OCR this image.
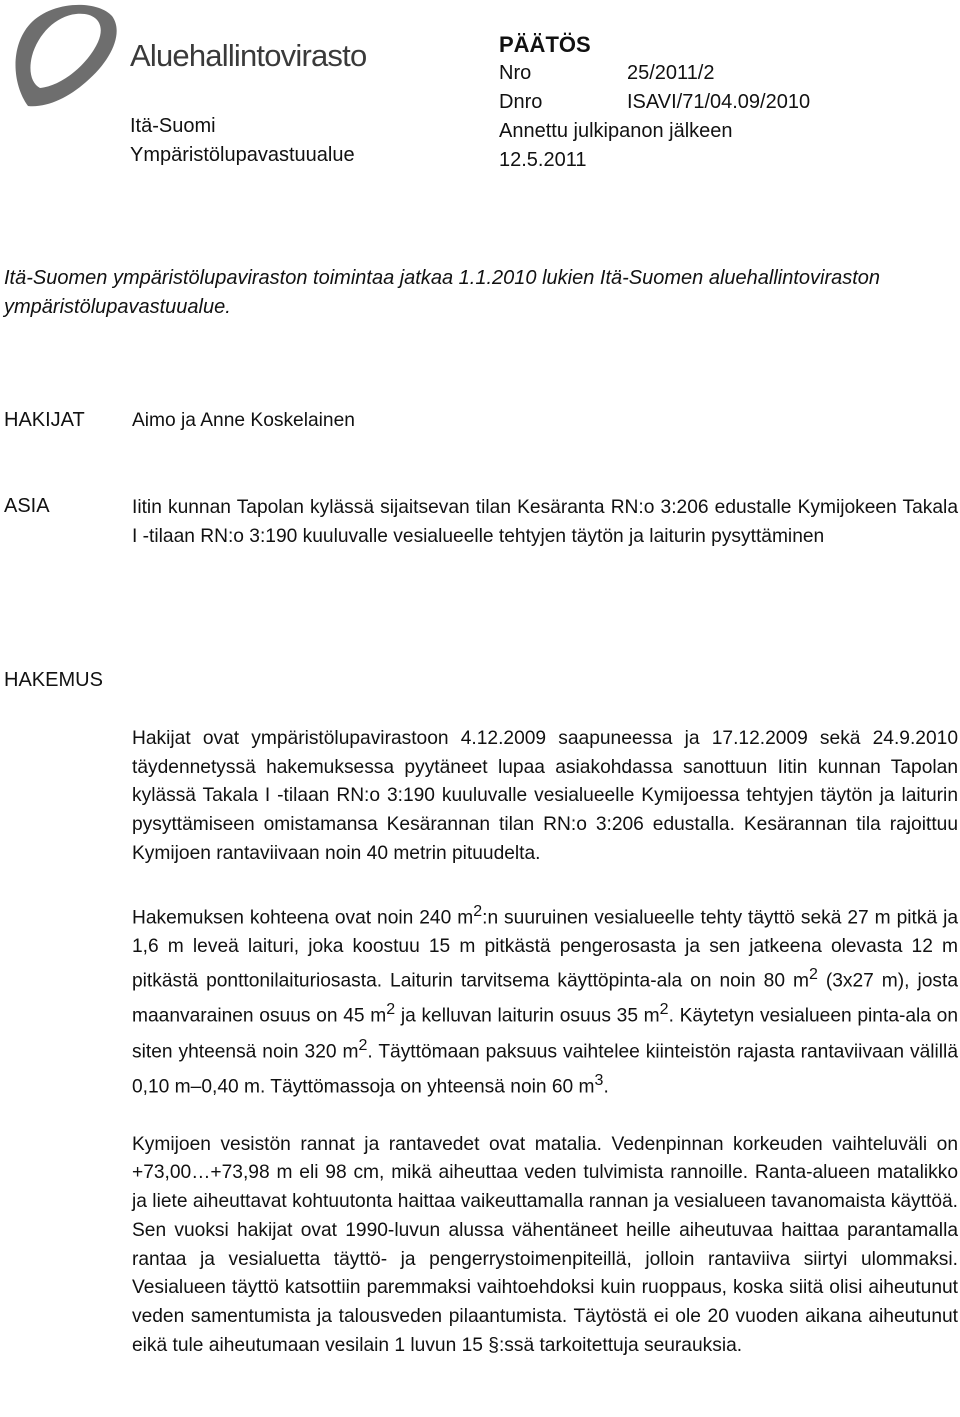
Aluehallintovirasto
Itä-Suomi
Ympäristölupavastuualue
PÄÄTÖS
Nro	25/2011/2
Dnro	ISAVI/71/04.09/2010
Annettu julkipanon jälkeen
12.5.2011
Itä-Suomen ympäristölupaviraston toimintaa jatkaa 1.1.2010 lukien Itä-Suomen aluehallintoviraston ympäristölupavastuualue.
HAKIJAT Aimo ja Anne Koskelainen
ASIA	Iitin kunnan Tapolan kylässä sijaitsevan tilan Kesäranta RN:o 3:206 edustalle Kymijokeen Takala I -tilaan RN:o 3:190 kuuluvalle vesialueelle tehtyjen täytön ja laiturin pysyttäminen
HAKEMUS

Hakijat ovat ympäristölupavirastoon 4.12.2009 saapuneessa ja 17.12.2009 sekä 24.9.2010 täydennetyssä hakemuksessa pyytäneet lupaa asiakohdassa sanottuun Iitin kunnan Tapolan kylässä Takala I -tilaan RN:o 3:190 kuuluvalle vesialueelle Kymijoessa tehtyjen täytön ja laiturin pysyttämiseen omistamansa Kesärannan tilan RN:o 3:206 edustalla. Kesärannan tila rajoittuu Kymijoen rantaviivaan noin 40 metrin pituudelta.

Hakemuksen kohteena ovat noin 240 $m^2:n$ suuruinen vesialueelle tehty täyttö sekä 27 m pitkä ja 1,6 m leveä laituri, joka koostuu 15 m pitkästä pengerosasta ja sen jatkeena olevasta 12 m pitkästä ponttonilaituriosasta. Laiturin tarvitsema käyttöpinta-ala on noin 80 $m^2$ (3x27 m), josta maanvarainen osuus on 45 $m^2$ ja kelluvan laiturin osuus 35 $m^2$. Käytetyn vesialueen pinta-ala on siten yhteensä noin 320 $m^2$. Täyttömaan paksuus vaihtelee kiinteistön rajasta rantaviivaan välillä 0,10 m–0,40 m. Täyttömassoja on yhteensä noin 60 $m^3$.

Kymijoen vesistön rannat ja rantavedet ovat matalia. Vedenpinnan korkeuden vaihteluväli on +73,00…+73,98 m eli 98 cm, mikä aiheuttaa veden tulvimista rannoille. Ranta-alueen matalikko ja liete aiheuttavat kohtuutonta haittaa vaikeuttamalla rannan ja vesialueen tavanomaista käyttöä. Sen vuoksi hakijat ovat 1990-luvun alussa vähentäneet heille aiheutuvaa haittaa parantamalla rantaa ja vesialuetta täyttö- ja pengerrystoimenpiteillä, jolloin rantaviiva siirtyi ulommaksi. Vesialueen täyttö katsottiin paremmaksi vaihtoehdoksi kuin ruoppaus, koska siitä olisi aiheutunut veden samentumista ja talousveden pilaantumista. Täytöstä ei ole 20 vuoden aikana aiheutunut eikä tule aiheutumaan vesilain 1 luvun 15 §:ssä tarkoitettuja seurauksia.
